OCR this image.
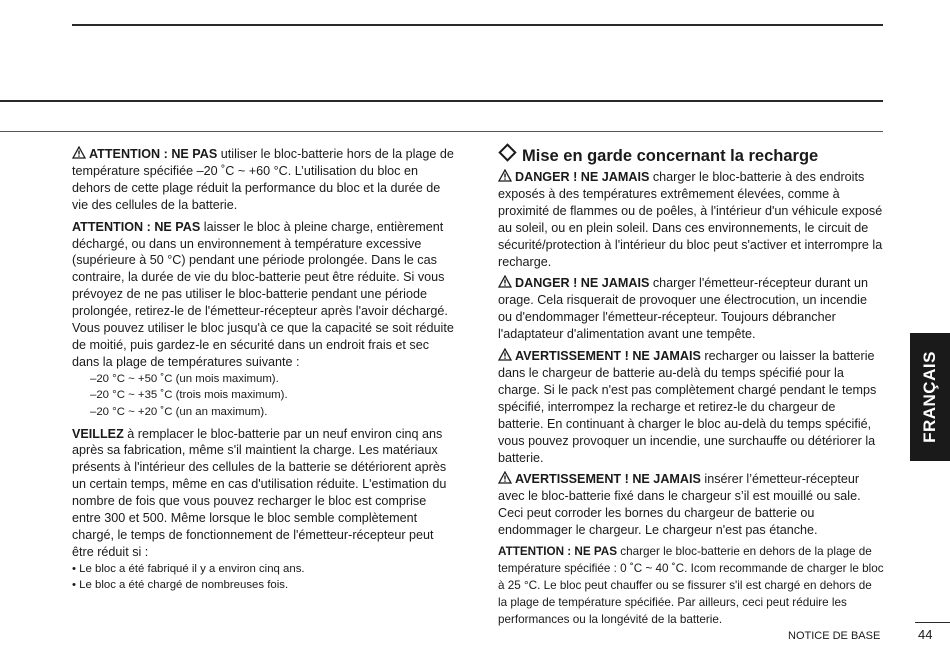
ATTENTION : NE PAS utiliser le bloc-batterie hors de la plage de température spécifiée –20 ˚C ~ +60 °C. L’utilisation du bloc en dehors de cette plage réduit la performance du bloc et la durée de vie des cellules de la batterie.

ATTENTION : NE PAS laisser le bloc à pleine charge, entièrement déchargé, ou dans un environnement à température excessive (supérieure à 50 °C) pendant une période prolongée. Dans le cas contraire, la durée de vie du bloc-batterie peut être réduite. Si vous prévoyez de ne pas utiliser le bloc-batterie pendant une période prolongée, retirez-le de l'émetteur-récepteur après l'avoir déchargé. Vous pouvez utiliser le bloc jusqu'à ce que la capacité se soit réduite de moitié, puis gardez-le en sécurité dans un endroit frais et sec dans la plage de températures suivante :

–20 °C ~ +50 ˚C (un mois maximum).

–20 °C ~ +35 ˚C (trois mois maximum).

–20 °C ~ +20 ˚C (un an maximum).

VEILLEZ à remplacer le bloc-batterie par un neuf environ cinq ans après sa fabrication, même s'il maintient la charge. Les matériaux présents à l'intérieur des cellules de la batterie se détériorent après un certain temps, même en cas d'utilisation réduite. L'estimation du nombre de fois que vous pouvez recharger le bloc est comprise entre 300 et 500. Même lorsque le bloc semble complètement chargé, le temps de fonctionnement de l'émetteur-récepteur peut être réduit si :

• Le bloc a été fabriqué il y a environ cinq ans.

• Le bloc a été chargé de nombreuses fois.

Mise en garde concernant la recharge

DANGER ! NE JAMAIS charger le bloc-batterie à des endroits exposés à des températures extrêmement élevées, comme à proximité de flammes ou de poêles, à l'intérieur d'un véhicule exposé au soleil, ou en plein soleil. Dans ces environnements, le circuit de sécurité/protection à l'intérieur du bloc peut s'activer et interrompre la recharge.

DANGER ! NE JAMAIS charger l'émetteur-récepteur durant un orage. Cela risquerait de provoquer une électrocution, un incendie ou d'endommager l'émetteur-récepteur. Toujours débrancher l'adaptateur d'alimentation avant une tempête.

AVERTISSEMENT ! NE JAMAIS recharger ou laisser la batterie dans le chargeur de batterie au-delà du temps spécifié pour la charge. Si le pack n'est pas complètement chargé pendant le temps spécifié, interrompez la recharge et retirez-le du chargeur de batterie. En continuant à charger le bloc au-delà du temps spécifié, vous pouvez provoquer un incendie, une surchauffe ou détériorer la batterie.

AVERTISSEMENT ! NE JAMAIS insérer l’émetteur-récepteur avec le bloc-batterie fixé dans le chargeur s’il est mouillé ou sale. Ceci peut corroder les bornes du chargeur de batterie ou endommager le chargeur. Le chargeur n'est pas étanche.

ATTENTION : NE PAS charger le bloc-batterie en dehors de la plage de température spécifiée : 0 ˚C ~ 40 ˚C. Icom recommande de charger le bloc à 25 °C. Le bloc peut chauffer ou se fissurer s'il est chargé en dehors de la plage de température spécifiée. Par ailleurs, ceci peut réduire les performances ou la longévité de la batterie.

FRANÇAIS
NOTICE DE BASE	44
